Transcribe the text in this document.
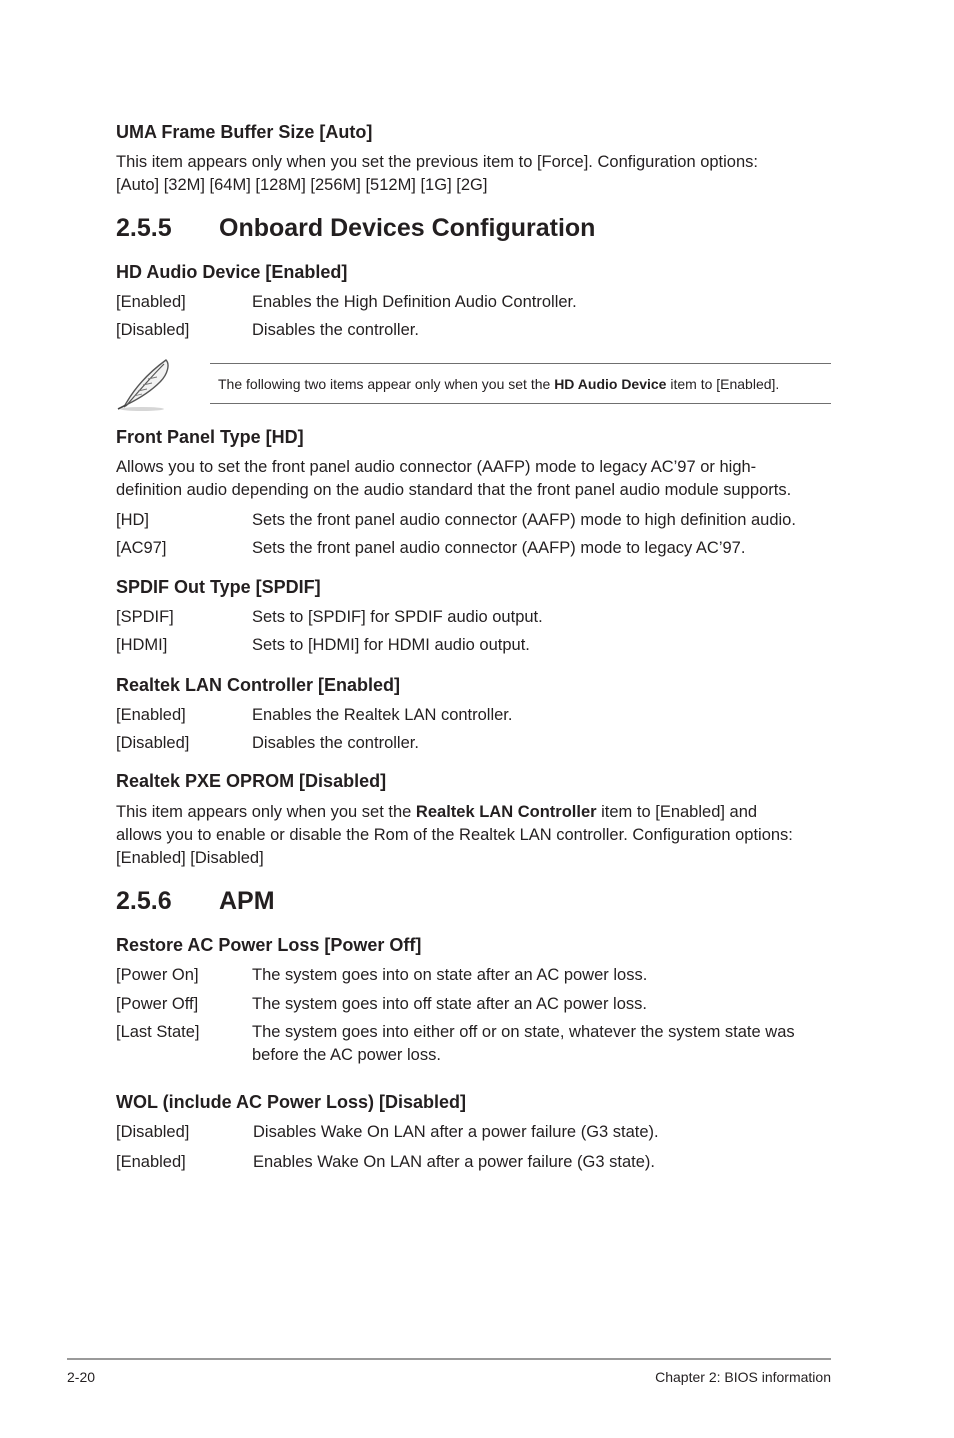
UMA Frame Buffer Size [Auto]
This item appears only when you set the previous item to [Force]. Configuration options:
[Auto] [32M] [64M] [128M] [256M] [512M] [1G] [2G]
2.5.5 Onboard Devices Configuration
HD Audio Device [Enabled]
[Enabled]	Enables the High Definition Audio Controller.
[Disabled]	Disables the controller.
The following two items appear only when you set the HD Audio Device item to [Enabled].
Front Panel Type [HD]
Allows you to set the front panel audio connector (AAFP) mode to legacy AC’97 or high-
definition audio depending on the audio standard that the front panel audio module supports.
[HD]	Sets the front panel audio connector (AAFP) mode to high definition audio.
[AC97]	Sets the front panel audio connector (AAFP) mode to legacy AC’97.
SPDIF Out Type [SPDIF]
[SPDIF]	Sets to [SPDIF] for SPDIF audio output.
[HDMI]	Sets to [HDMI] for HDMI audio output.
Realtek LAN Controller [Enabled]
[Enabled]	Enables the Realtek LAN controller.
[Disabled]	Disables the controller.
Realtek PXE OPROM [Disabled]
This item appears only when you set the Realtek LAN Controller item to [Enabled] and
allows you to enable or disable the Rom of the Realtek LAN controller. Configuration options:
[Enabled] [Disabled]
2.5.6 APM
Restore AC Power Loss [Power Off]
[Power On]	The system goes into on state after an AC power loss.
[Power Off]	The system goes into off state after an AC power loss.
[Last State]	The system goes into either off or on state, whatever the system state was
before the AC power loss.
WOL (include AC Power Loss) [Disabled]
[Disabled]	Disables Wake On LAN after a power failure (G3 state).
[Enabled]	Enables Wake On LAN after a power failure (G3 state).
2-20	Chapter 2: BIOS information
